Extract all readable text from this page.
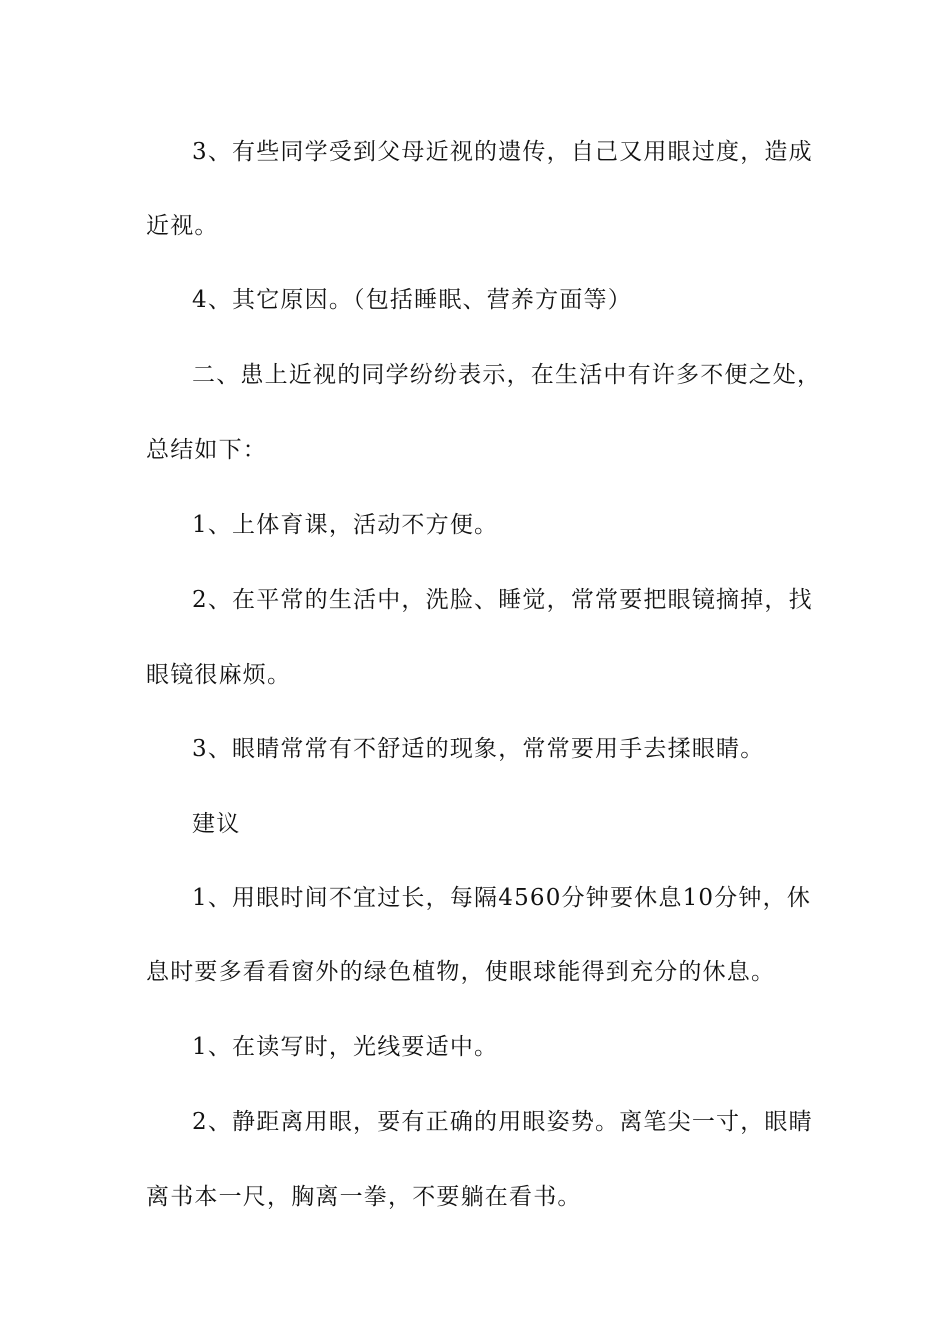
3、有些同学受到父母近视的遗传，自己又用眼过度，造成
近视。
4、其它原因。（包括睡眠、营养方面等）
二、患上近视的同学纷纷表示，在生活中有许多不便之处，
总结如下：
1、上体育课，活动不方便。
2、在平常的生活中，洗脸、睡觉，常常要把眼镜摘掉，找
眼镜很麻烦。
3、眼睛常常有不舒适的现象，常常要用手去揉眼睛。
建议
1、用眼时间不宜过长，每隔4560分钟要休息10分钟，休
息时要多看看窗外的绿色植物，使眼球能得到充分的休息。
1、在读写时，光线要适中。
2、静距离用眼，要有正确的用眼姿势。离笔尖一寸，眼睛
离书本一尺，胸离一拳，不要躺在看书。
